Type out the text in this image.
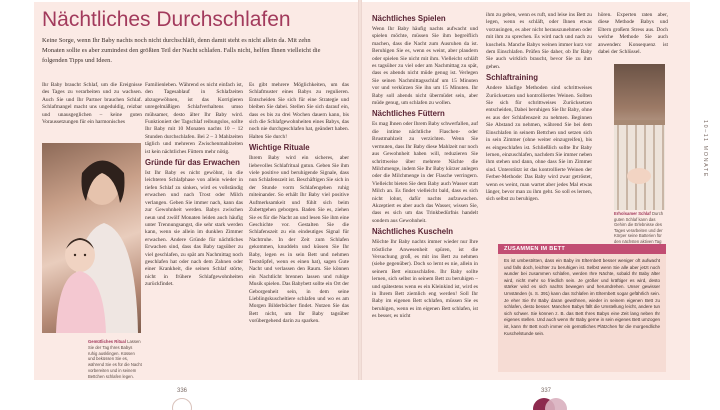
Nächtliches Durchschlafen
Keine Sorge, wenn Ihr Baby nachts noch nicht durchschläft, denn damit steht es nicht allein da. Mit zehn Monaten sollte es aber zumindest den größten Teil der Nacht schlafen. Falls nicht, helfen Ihnen vielleicht die folgenden Tipps und Ideen.

Ihr Baby braucht Schlaf, um die Ereignisse des Tages zu verarbeiten und zu wachsen. Auch Sie und Ihr Partner brauchen Schlaf. Schlafmangel macht uns ungeduldig, reizbar und unausgeglichen – keine guten Voraussetzungen für ein harmonisches

Gemütliches Ritual Lassen Sie der Tag Ihres Babys ruhig ausklingen. Küssen und beküssen Sie es, während Sie es für die Nacht vorbereiten und in seinem Bettchen schlafen legen.

Familienleben. Während es nicht einfach ist, den Tagesablauf in Schlafzeiten abzugewöhnen, ist das Korrigieren unregelmäßigen Schlafverhaltens umso mühsamer, desto älter Ihr Baby wird. Funktioniert der Tagschlaf reibungslos, sollte Ihr Baby mit 10 Monaten nachts 10 – 12 Stunden durchschlafen. Bei 2 – 3 Mahlzeiten täglich und mehreren Zwischenmahlzeiten ist kein nächtliches Füttern mehr nötig.

Gründe für das Erwachen

Ist Ihr Baby es nicht gewöhnt, in die leichteren Schlafphase von allein wieder in tiefen Schlaf zu sinken, wird es vollständig erwachen und nach Trost oder Milch verlangen. Geben Sie immer nach, kann das zur Gewohnheit werden. Babys zwischen neun und zwölf Monaten leiden auch häufig unter Trennungsangst, die sehr stark werden kann, wenn sie allein im dunklen Zimmer erwachen. Andere Gründe für nächtliches Erwachen sind, dass das Baby tagsüber zu viel geschlafen, zu spät am Nachmittag noch geschlafen hat oder nach dem Zahnen oder einer Krankheit, die seinen Schlaf störte, nicht in frühere Schlafgewohnheiten zurückfindet.

Es gibt mehrere Möglichkeiten, um das Schlafmuster eines Babys zu regulieren. Entscheiden Sie sich für eine Strategie und bleiben Sie dabei. Stellen Sie sich darauf ein, dass es bis zu drei Wochen dauern kann, bis sich die Schlafgewohnheiten eines Babys, das noch nie durchgeschlafen hat, geändert haben. Halten Sie durch!

Wichtige Rituale

Ihrem Baby wird ein sicheres, aber liebevolles Schlafritual gutun. Geben Sie ihm viele positive und beruhigende Signale, dass nun Schlafenszeit ist. Beschäftigen Sie sich in der Stunde vorm Schlafengehen ruhig miteinander. So erhält Ihr Baby viel positive Aufmerksamkeit und fühlt sich beim Zubettgehen geborgen. Baden Sie es, ziehen Sie es für die Nacht an und lesen Sie ihm eine Geschichte vor. Gestalten Sie die Schlafenszeit zu ein eindeutiges Signal für Nachtruhe. In der Zeit zum Schlafen gekommen, knuddeln und küssen Sie Ihr Baby, legen es in sein Bett und nehmen Teststöpfel, wenn es einen hat), sagen Gute Nacht und verlassen den Raum. Sie können ein Nachtlicht brennen lassen und ruhige Musik spielen. Das Babybett sollte ein Ort der Geborgenheit sein, in dem seine Lieblingskuscheltiere schlafen und wo es am Morgen Bilderbücher findet. Nutzen Sie das Bett nicht, um Ihr Baby tagsüber vorübergehend darin zu sparken.

Nächtliches Spielen

Wenn Ihr Baby häufig nachts aufwacht und spielen möchte, müssen Sie ihm begreiflich machen, dass die Nacht zum Ausruhen da ist. Beruhigen Sie es, wenn es weint, aber plaudern oder spielen Sie nicht mit ihm. Vielleicht schläft es tagsüber zu viel oder am Nachmittag zu spät, dass es abends nicht müde genug ist. Verlegen Sie seinen Nachmittagsschlaf um 15 Minuten vor und verkürzen Sie ihn um 15 Minuten. Ihr Baby soll abends nicht übermüdet sein, aber müde genug, um schlafen zu wollen.

Nächtliches Füttern

Es mag Ihnen oder Ihrem Baby schwerfallen, auf die intime nächtliche Flaschen- oder Brustmahlzeit zu verzichten. Wenn Sie vermuten, dass Ihr Baby diese Mahlzeit nur noch aus Gewohnheit haben will, reduzieren Sie schrittweise über mehrere Nächte die Milchmenge, indem Sie Ihr Baby kürzer anlegen oder die Milchmenge in der Flasche verringern. Vielleicht bieten Sie dem Baby auch Wasser statt Milch an. Es findet vielleicht bald, dass es sich nicht lohnt, dafür nachts aufzuwachen. Akzeptiert es aber auch das Wasser, wissen Sie, dass es sich um das Trinkbedürfnis handelt sondern aus Gewohnheit.

Nächtliches Kuscheln

Möchte Ihr Baby nachts immer wieder nur Ihre tröstliche Anwesenheit spüren, ist die Versuchung groß, es mit ins Bett zu nehmen (siehe gegenüber). Doch so lernt es nie, allein in seinem Bett einzuschlafen. Ihr Baby sollte lernen, sich selbst in seinem Bett zu beruhigen – und spätestens wenn es ein Kleinkind ist, wird es in Ihrem Bett ziemlich eng werden! Soll Ihr Baby im eigenen Bett schlafen, müssen Sie es beruhigen, wenn es im eigenen Bett schlafen, ist es besser, es nicht

ihm zu geben, wenn es ruft, und leise ins Bett zu legen, wenn es schläft, oder Ihnen etwas vorzusingen, es aber nicht herauszunehmen oder mit ihm zu sprechen. Es wird nach und nach zu kuscheln. Manche Babys weinen immer kurz vor dem Einschlafen. Prüfen Sie daher, ob Ihr Baby Sie auch wirklich braucht, bevor Sie zu ihm gehen.

Schlaftraining

Andere häufige Methoden sind schrittweises Zurücksetzen und kontrolliertes Weinen. Sollten Sie sich für schrittweises Zurücksetzen entscheiden, Dabei beruhigen Sie Ihr Baby, ohne es aus der Schlafenszeit zu nehmen. Beginnen Sie Abstand zu nehmen, während Sie bei dem Einschlafen in seinem Bettchen und setzen sich in sein Zimmer (ohne weiter einzugreifen), bis es eingeschlafen ist. Schließlich sollte Ihr Baby lernen, einzuschlafen, nachdem Sie immer neben ihm stehen und dann, ohne dass Sie im Zimmer sind. Unterstützt ist das kontrollierte Weinen der Ferber-Methode: Das Baby wird zwar getröstet, wenn es weint, man wartet aber jedes Mal etwas länger, bevor man zu ihm geht. So soll es lernen, sich selbst zu beruhigen.

hören. Experten raten aber, diese Methode Babys und Eltern großem Stress aus. Doch welche Methode Sie auch anwenden: Konsequenz ist dabei der Schlüssel.

Erholsamer Schlaf Durch guten Schlaf kann das Gehirn die Erlebnisse des Tages verarbeiten und der Körper seine Batterien für den nächsten aktiven Tag
ZUSAMMEN IM BETT
Es ist umbestritten, dass ein Baby im Elternbett besser weniger oft aufwacht und falls doch, leichter zu beruhigen ist. Selbst wenn Sie alle aber jetzt noch wunder bei zusammen schlafen, werden Ihre Nächte, sobald Ihr Baby älter wird, nicht mehr so friedlich sein. Je größer und kräftiger es wird, desto stärker wird es sich nachts bewegen und herumdrehen. Unser gewisser Umständen (s. S. 391) kann das Schlafen im Elternbett sogar gefährlich sein. Je eher Sie Ihr Baby daran gewöhnen, wieder in seinem eigenen Bett zu schlafen, desto besser. Manchen Babys fällt die Umstellung leicht, andere tun sich schwer. Sie können z. B. das Bett Ihres Babys eine Zeit lang neben Ihr eigenes stellen. Und auch wenn Ihr Baby gerne in sein eigenes Bett umzogen ist, kann Ihr Bett noch immer ein gemütliches Plätzchen für die morgendliche Kuschelstunde sein.
10–11 MONATE
336	337
